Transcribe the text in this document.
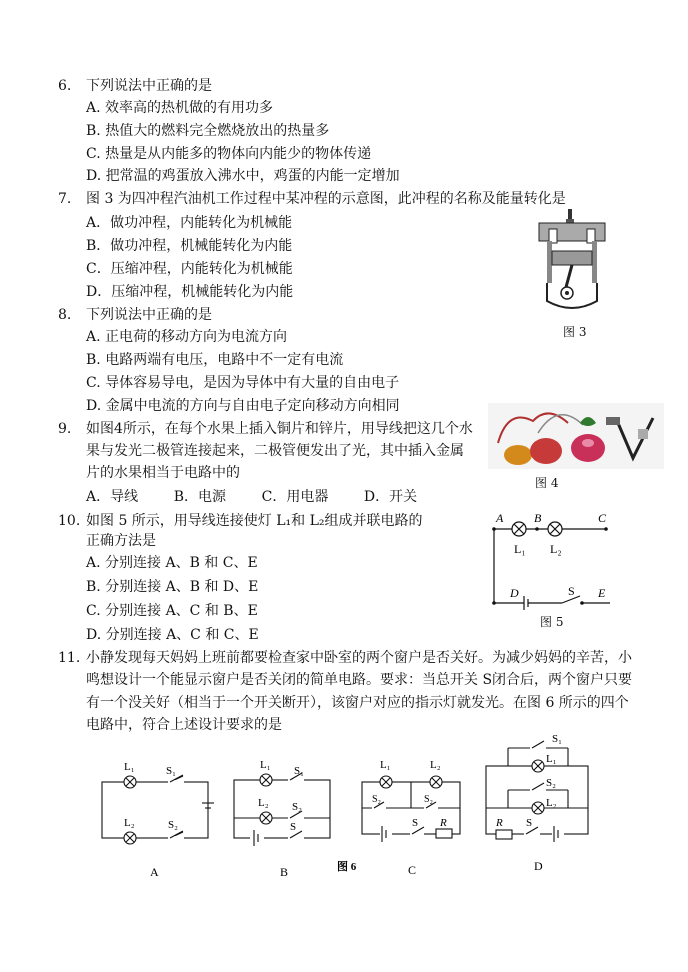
6. 下列说法中正确的是
A. 效率高的热机做的有用功多
B. 热值大的燃料完全燃烧放出的热量多
C. 热量是从内能多的物体向内能少的物体传递
D. 把常温的鸡蛋放入沸水中，鸡蛋的内能一定增加
7. 图 3 为四冲程汽油机工作过程中某冲程的示意图，此冲程的名称及能量转化是
A．做功冲程，内能转化为机械能
B．做功冲程，机械能转化为内能
C．压缩冲程，内能转化为机械能
D．压缩冲程，机械能转化为内能
图 3
8. 下列说法中正确的是
A. 正电荷的移动方向为电流方向
B. 电路两端有电压，电路中不一定有电流
C. 导体容易导电，是因为导体中有大量的自由电子
D. 金属中电流的方向与自由电子定向移动方向相同
9. 如图4所示，在每个水果上插入铜片和锌片，用导线把这几个水
果与发光二极管连接起来，二极管便发出了光，其中插入金属
片的水果相当于电路中的
A．导线        B．电源        C．用电器        D．开关
图 4
10. 如图 5 所示，用导线连接使灯 L₁和 L₂组成并联电路的
正确方法是
A. 分别连接 A、B 和 C、E
B. 分别连接 A、B 和 D、E
C. 分别连接 A、C 和 B、E
D. 分别连接 A、C 和 C、E
A	B	C
L₁ L₂
D	S E
图 5
11. 小静发现每天妈妈上班前都要检查家中卧室的两个窗户是否关好。为减少妈妈的辛苦，小
鸣想设计一个能显示窗户是否关闭的简单电路。要求：当总开关 S闭合后，两个窗户只要
有一个没关好（相当于一个开关断开），该窗户对应的指示灯就发光。在图 6 所示的四个
电路中，符合上述设计要求的是
L₁	S₁
L₂	S₂
A
L₁ S₁
L₂ S₂
S
B
L₁	L₂
S₂	S₂
S R
C
图 6
S₁
L₁
S₂
L₂
R S
D
